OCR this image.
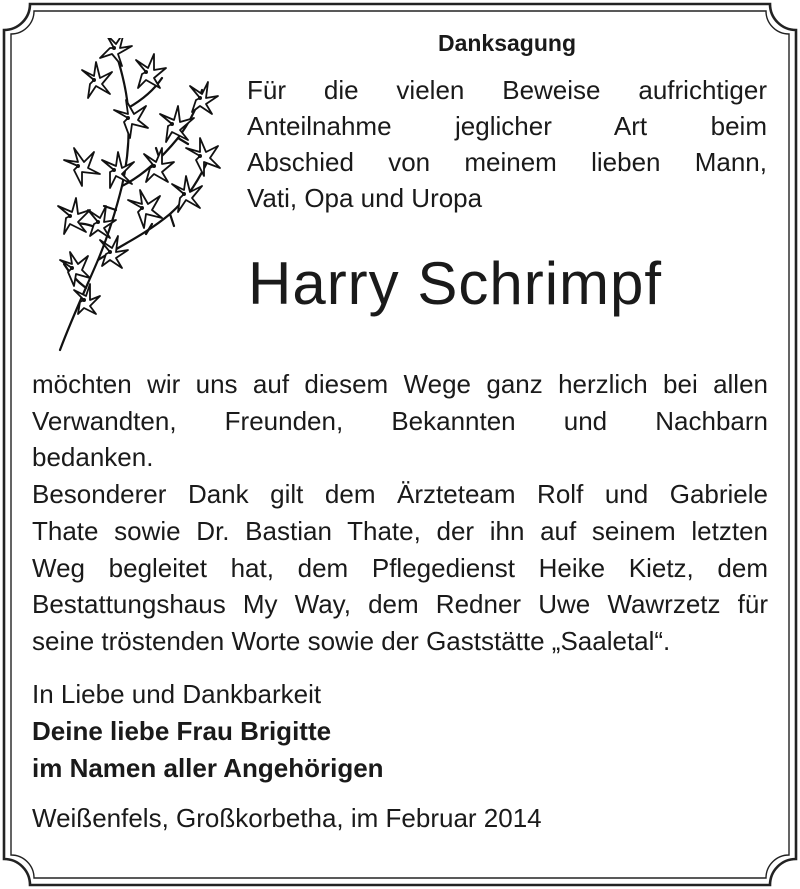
Danksagung
Für die vielen Beweise aufrichtiger
Anteilnahme jeglicher Art beim
Abschied von meinem lieben Mann,
Vati, Opa und Uropa
Harry Schrimpf
möchten wir uns auf diesem Wege ganz herzlich bei allen
Verwandten, Freunden, Bekannten und Nachbarn
bedanken.
Besonderer Dank gilt dem Ärzteteam Rolf und Gabriele
Thate sowie Dr. Bastian Thate, der ihn auf seinem letzten
Weg begleitet hat, dem Pflegedienst Heike Kietz, dem
Bestattungshaus My Way, dem Redner Uwe Wawrzetz für
seine tröstenden Worte sowie der Gaststätte „Saaletal“.
In Liebe und Dankbarkeit
Deine liebe Frau Brigitte
im Namen aller Angehörigen
Weißenfels, Großkorbetha, im Februar 2014
